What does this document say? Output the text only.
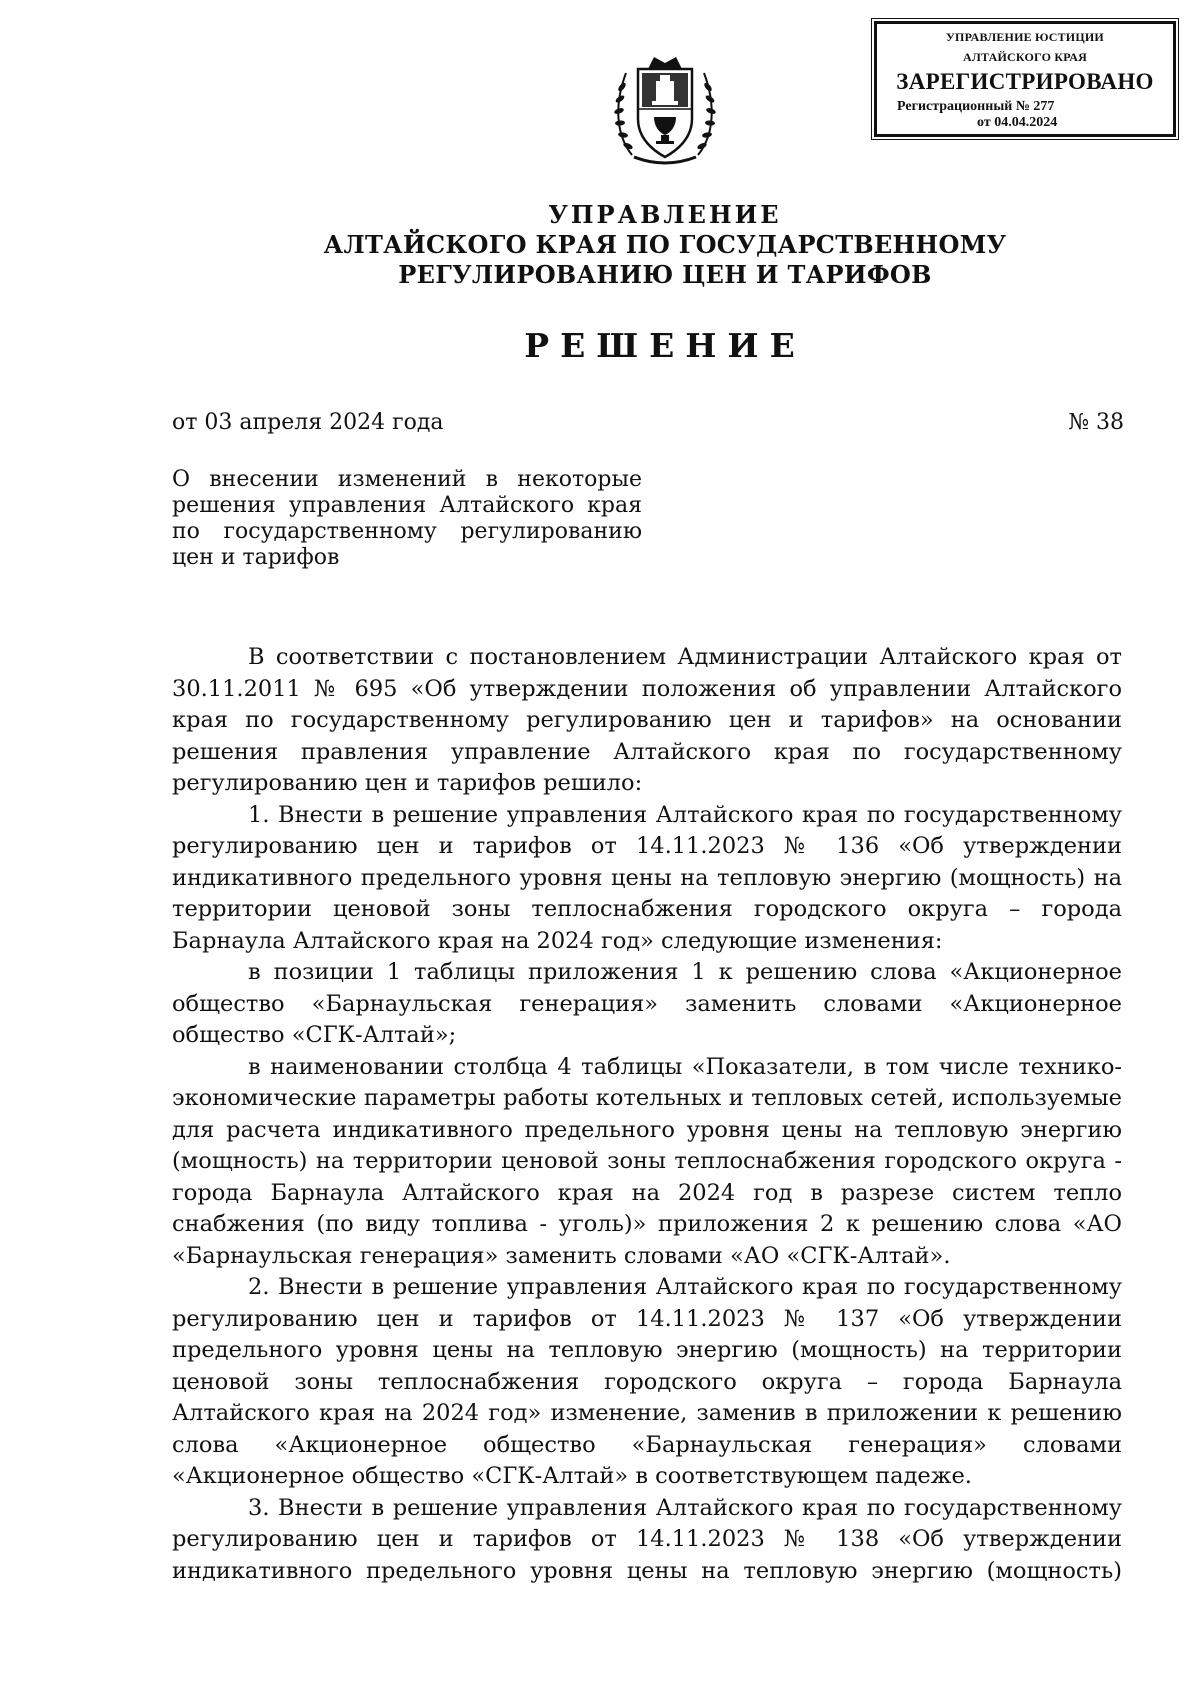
УПРАВЛЕНИЕ ЮСТИЦИИ
АЛТАЙСКОГО КРАЯ
ЗАРЕГИСТРИРОВАНО
Регистрационный № 277
от 04.04.2024
УПРАВЛЕНИЕ
АЛТАЙСКОГО КРАЯ ПО ГОСУДАРСТВЕННОМУ
РЕГУЛИРОВАНИЮ ЦЕН И ТАРИФОВ
РЕШЕНИЕ
от 03 апреля 2024 года	№ 38
О внесении изменений в некоторые
решения управления Алтайского края
по государственному регулированию
цен и тарифов

В соответствии с постановлением Администрации Алтайского края от 30.11.2011 № 695 «Об утверждении положения об управлении Алтайского края по государственному регулированию цен и тарифов» на основании решения правления управление Алтайского края по государственному регулированию цен и тарифов решило:

1. Внести в решение управления Алтайского края по государственному регулированию цен и тарифов от 14.11.2023 № 136 «Об утверждении индикативного предельного уровня цены на тепловую энергию (мощность) на территории ценовой зоны теплоснабжения городского округа – города Барнаула Алтайского края на 2024 год» следующие изменения:

в позиции 1 таблицы приложения 1 к решению слова «Акционерное общество «Барнаульская генерация» заменить словами «Акционерное общество «СГК-Алтай»;

в наименовании столбца 4 таблицы «Показатели, в том числе технико-экономические параметры работы котельных и тепловых сетей, используемые для расчета индикативного предельного уровня цены на тепловую энергию (мощность) на территории ценовой зоны теплоснабжения городского округа - города Барнаула Алтайского края на 2024 год в разрезе систем тепло снабжения (по виду топлива - уголь)» приложения 2 к решению слова «АО «Барнаульская генерация» заменить словами «АО «СГК-Алтай».

2. Внести в решение управления Алтайского края по государственному регулированию цен и тарифов от 14.11.2023 № 137 «Об утверждении предельного уровня цены на тепловую энергию (мощность) на территории ценовой зоны теплоснабжения городского округа – города Барнаула Алтайского края на 2024 год» изменение, заменив в приложении к решению слова «Акционерное общество «Барнаульская генерация» словами «Акционерное общество «СГК-Алтай» в соответствующем падеже.

3. Внести в решение управления Алтайского края по государственному регулированию цен и тарифов от 14.11.2023 № 138 «Об утверждении индикативного предельного уровня цены на тепловую энергию (мощность)
